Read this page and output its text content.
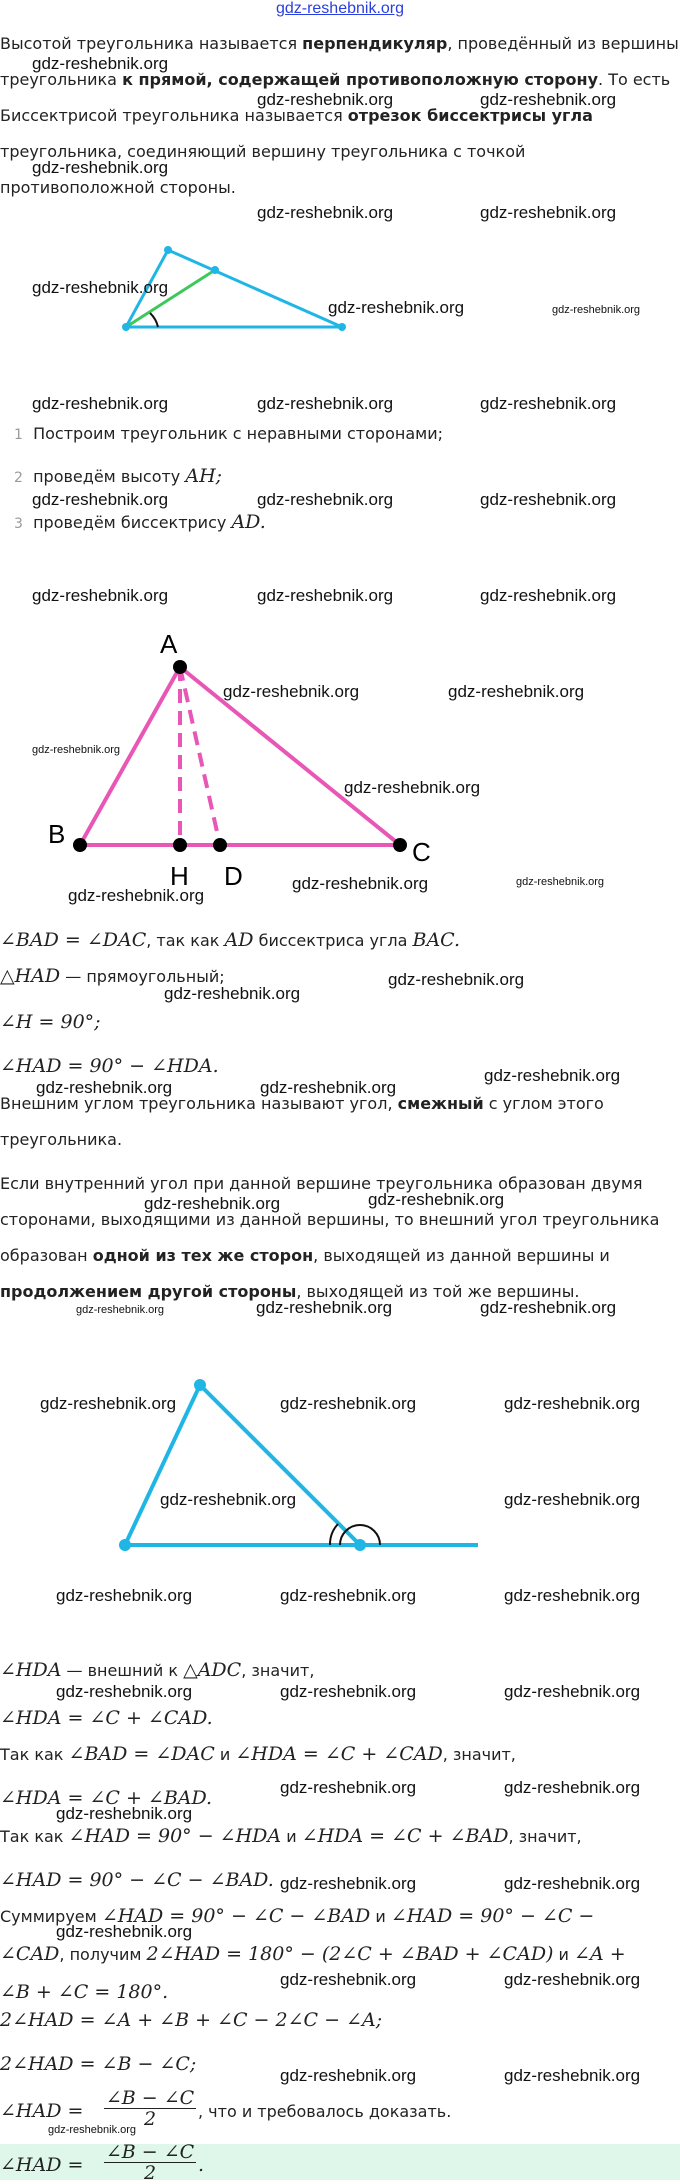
gdz-reshebnik.org
Высотой треугольника называется перпендикуляр, проведённый из вершины
треугольника к прямой, содержащей противоположную сторону. То есть
Биссектрисой треугольника называется отрезок биссектрисы угла
треугольника, соединяющий вершину треугольника с точкой
противоположной стороны.
1 Построим треугольник с неравными сторонами;
2 проведём высоту AH;
3 проведём биссектрису AD.
A
B
C
H D
∠BAD = ∠DAC, так как AD биссектриса угла BAC.
△HAD — прямоугольный;
∠H = 90°;
∠HAD = 90° − ∠HDA.
Внешним углом треугольника называют угол, смежный с углом этого
треугольника.
Если внутренний угол при данной вершине треугольника образован двумя
сторонами, выходящими из данной вершины, то внешний угол треугольника
образован одной из тех же сторон, выходящей из данной вершины и
продолжением другой стороны, выходящей из той же вершины.
∠HDA — внешний к △ADC, значит,
∠HDA = ∠C + ∠CAD.
Так как ∠BAD = ∠DAC и ∠HDA = ∠C + ∠CAD, значит,
∠HDA = ∠C + ∠BAD.
Так как ∠HAD = 90° − ∠HDA и ∠HDA = ∠C + ∠BAD, значит,
∠HAD = 90° − ∠C − ∠BAD.
Суммируем ∠HAD = 90° − ∠C − ∠BAD и ∠HAD = 90° − ∠C −
∠CAD, получим 2∠HAD = 180° − (2∠C + ∠BAD + ∠CAD) и ∠A +
∠B + ∠C = 180°.
2∠HAD = ∠A + ∠B + ∠C − 2∠C − ∠A;
2∠HAD = ∠B − ∠C;
∠HAD =
∠B − ∠C
2	, что и требовалось доказать.
∠HAD =
∠B − ∠C
2	.
gdz-reshebnik.org
gdz-reshebnik.org	gdz-reshebnik.org
gdz-reshebnik.org
gdz-reshebnik.org	gdz-reshebnik.org
gdz-reshebnik.org
gdz-reshebnik.org	gdz-reshebnik.org
gdz-reshebnik.org	gdz-reshebnik.org	gdz-reshebnik.org
gdz-reshebnik.org	gdz-reshebnik.org	gdz-reshebnik.org
gdz-reshebnik.org	gdz-reshebnik.org	gdz-reshebnik.org
gdz-reshebnik.org	gdz-reshebnik.org
gdz-reshebnik.org
gdz-reshebnik.org
gdz-reshebnik.org
gdz-reshebnik.org	gdz-reshebnik.org
gdz-reshebnik.org
gdz-reshebnik.org
gdz-reshebnik.org	gdz-reshebnik.org
gdz-reshebnik.org
gdz-reshebnik.org	gdz-reshebnik.org
gdz-reshebnik.org	gdz-reshebnik.org	gdz-reshebnik.org
gdz-reshebnik.org	gdz-reshebnik.org	gdz-reshebnik.org
gdz-reshebnik.org	gdz-reshebnik.org
gdz-reshebnik.org	gdz-reshebnik.org	gdz-reshebnik.org
gdz-reshebnik.org	gdz-reshebnik.org	gdz-reshebnik.org
gdz-reshebnik.org	gdz-reshebnik.org
gdz-reshebnik.org
gdz-reshebnik.org	gdz-reshebnik.org
gdz-reshebnik.org
gdz-reshebnik.org	gdz-reshebnik.org
gdz-reshebnik.org	gdz-reshebnik.org
gdz-reshebnik.org
